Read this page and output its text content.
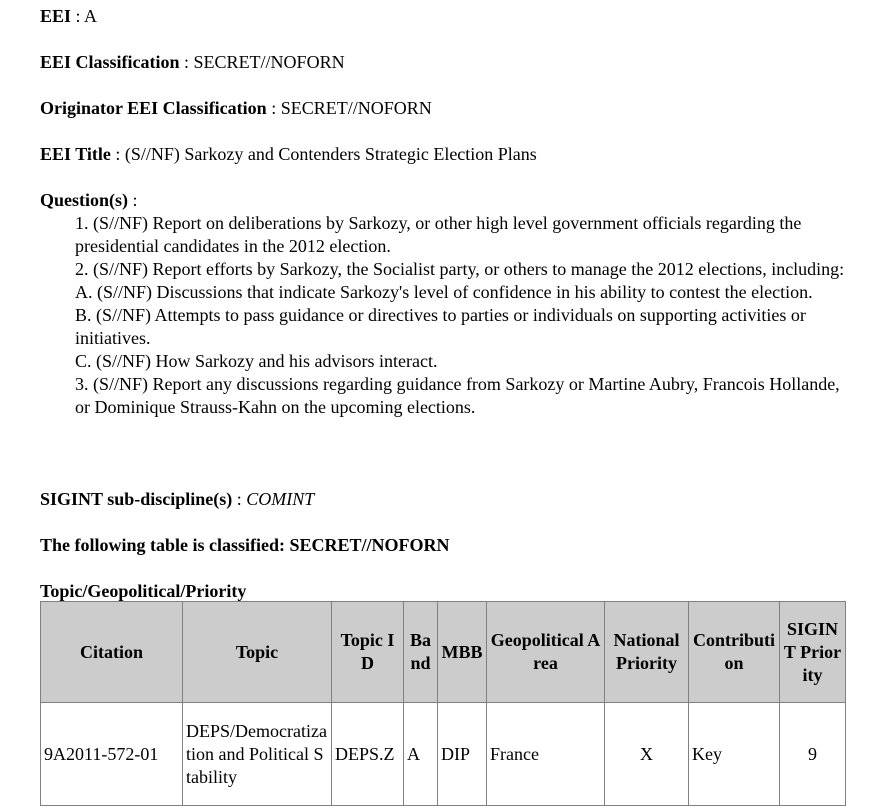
EEI : A

EEI Classification : SECRET//NOFORN

Originator EEI Classification : SECRET//NOFORN

EEI Title : (S//NF) Sarkozy and Contenders Strategic Election Plans

Question(s) :

1. (S//NF) Report on deliberations by Sarkozy, or other high level government officials regarding the presidential candidates in the 2012 election.

2. (S//NF) Report efforts by Sarkozy, the Socialist party, or others to manage the 2012 elections, including:

A. (S//NF) Discussions that indicate Sarkozy's level of confidence in his ability to contest the election.

B. (S//NF) Attempts to pass guidance or directives to parties or individuals on supporting activities or initiatives.

C. (S//NF) How Sarkozy and his advisors interact.

3. (S//NF) Report any discussions regarding guidance from Sarkozy or Martine Aubry, Francois Hollande, or Dominique Strauss-Kahn on the upcoming elections.

SIGINT sub-discipline(s) : COMINT

The following table is classified: SECRET//NOFORN

Topic/Geopolitical/Priority

Citation	Topic	Topic ID	Band	MBB	Geopolitical Area	National Priority	Contribution	SIGINT Priority
9A2011-572-01	DEPS/Democratization and Political Stability	DEPS.Z	A	DIP	France	X	Key	9
